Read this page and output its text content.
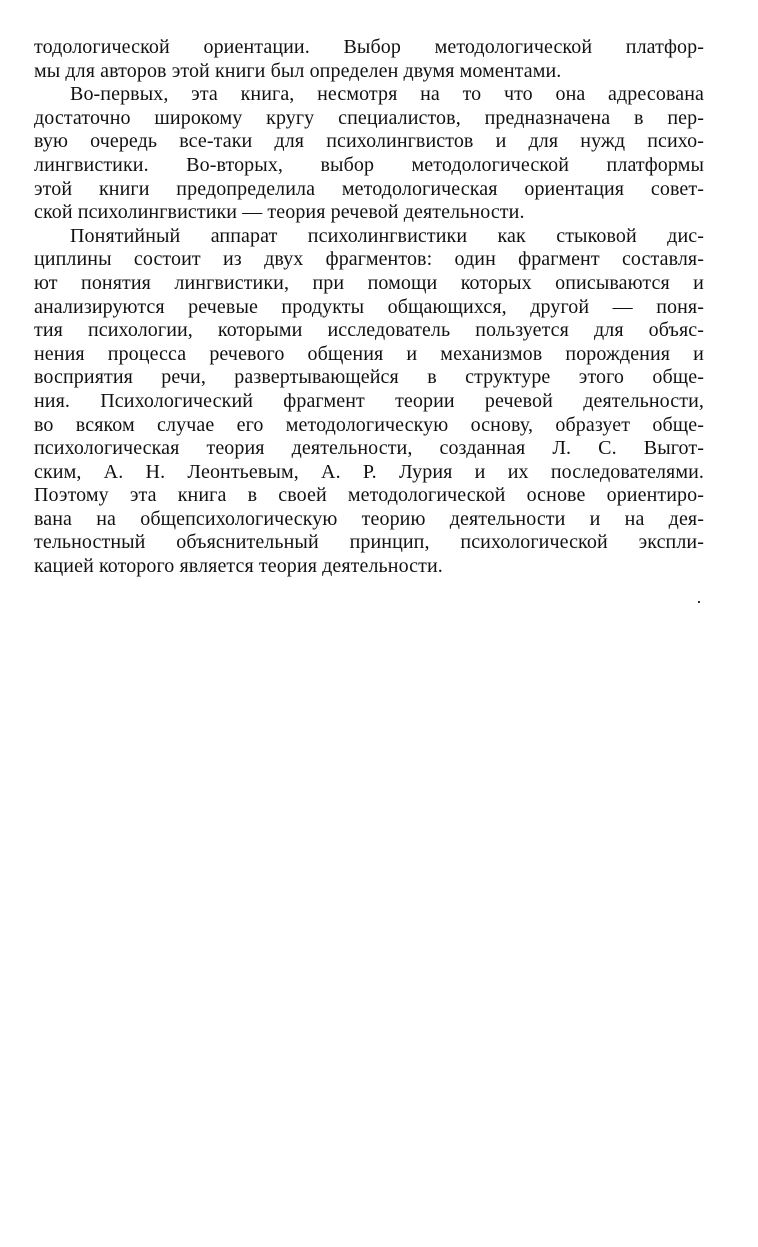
тодологической ориентации. Выбор методологической платфор-
мы для авторов этой книги был определен двумя моментами.
Во-первых, эта книга, несмотря на то что она адресована
достаточно широкому кругу специалистов, предназначена в пер-
вую очередь все-таки для психолингвистов и для нужд психо-
лингвистики. Во-вторых, выбор методологической платформы
этой книги предопределила методологическая ориентация совет-
ской психолингвистики — теория речевой деятельности.
Понятийный аппарат психолингвистики как стыковой дис-
циплины состоит из двух фрагментов: один фрагмент составля-
ют понятия лингвистики, при помощи которых описываются и
анализируются речевые продукты общающихся, другой — поня-
тия психологии, которыми исследователь пользуется для объяс-
нения процесса речевого общения и механизмов порождения и
восприятия речи, развертывающейся в структуре этого обще-
ния. Психологический фрагмент теории речевой деятельности,
во всяком случае его методологическую основу, образует обще-
психологическая теория деятельности, созданная Л. С. Выгот-
ским, А. Н. Леонтьевым, А. Р. Лурия и их последователями.
Поэтому эта книга в своей методологической основе ориентиро-
вана на общепсихологическую теорию деятельности и на дея-
тельностный объяснительный принцип, психологической экспли-
кацией которого является теория деятельности.
